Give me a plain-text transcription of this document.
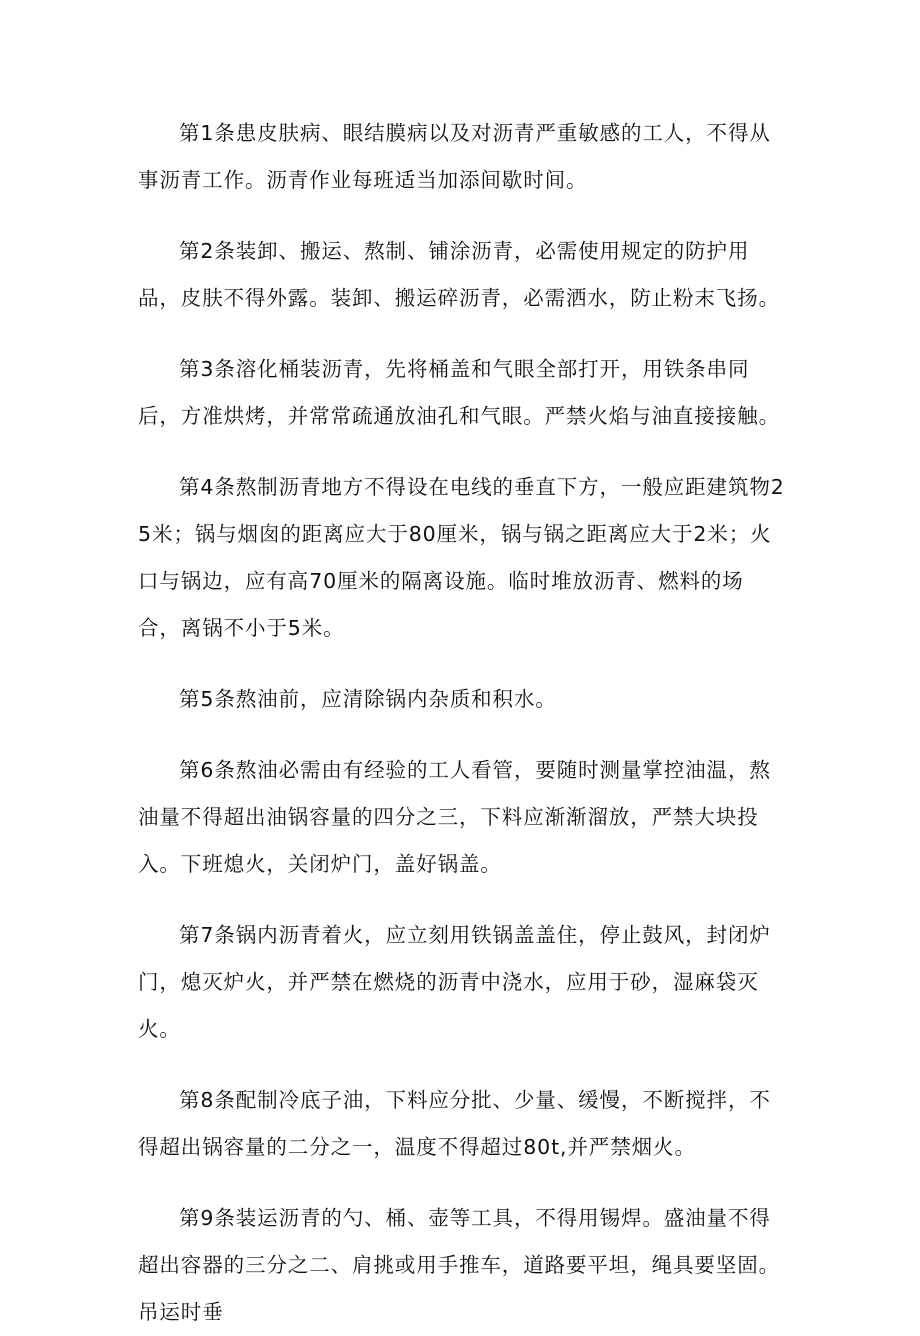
第1条患皮肤病、眼结膜病以及对沥青严重敏感的工人，不得从事沥青工作。沥青作业每班适当加添间歇时间。

第2条装卸、搬运、熬制、铺涂沥青，必需使用规定的防护用品，皮肤不得外露。装卸、搬运碎沥青，必需洒水，防止粉末飞扬。

第3条溶化桶装沥青，先将桶盖和气眼全部打开，用铁条串同后，方准烘烤，并常常疏通放油孔和气眼。严禁火焰与油直接接触。

第4条熬制沥青地方不得设在电线的垂直下方，一般应距建筑物25米；锅与烟囱的距离应大于80厘米，锅与锅之距离应大于2米；火口与锅边，应有高70厘米的隔离设施。临时堆放沥青、燃料的场合，离锅不小于5米。

第5条熬油前，应清除锅内杂质和积水。

第6条熬油必需由有经验的工人看管，要随时测量掌控油温，熬油量不得超出油锅容量的四分之三，下料应渐渐溜放，严禁大块投入。下班熄火，关闭炉门，盖好锅盖。

第7条锅内沥青着火，应立刻用铁锅盖盖住，停止鼓风，封闭炉门，熄灭炉火，并严禁在燃烧的沥青中浇水，应用于砂，湿麻袋灭火。

第8条配制冷底子油，下料应分批、少量、缓慢，不断搅拌，不得超出锅容量的二分之一，温度不得超过80t,并严禁烟火。

第9条装运沥青的勺、桶、壶等工具，不得用锡焊。盛油量不得超出容器的三分之二、肩挑或用手推车，道路要平坦，绳具要坚固。吊运时垂
